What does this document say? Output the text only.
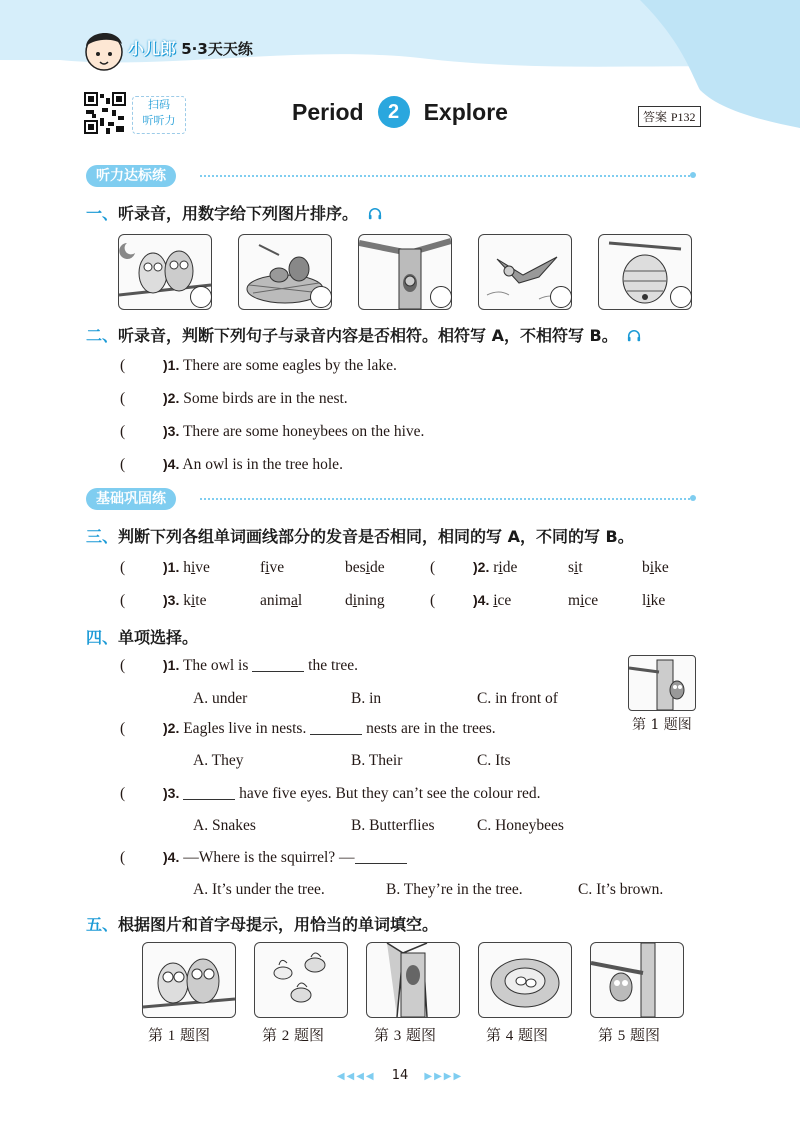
小儿郎 5·3天天练
扫码
听听力	Period 2 Explore	答案 P132
听力达标练
一、听录音，用数字给下列图片排序。
二、听录音，判断下列句子与录音内容是否相符。相符写 A，不相符写 B。
(	)1. There are some eagles by the lake.
(	)2. Some birds are in the nest.
(	)3. There are some honeybees on the hive.
(	)4. An owl is in the tree hole.
基础巩固练
三、判断下列各组单词画线部分的发音是否相同，相同的写 A，不同的写 B。
(	)1. hive	five	beside	(	)2. ride	sit	bike
(	)3. kite	animal	dining	(	)4. ice	mice	like
四、单项选择。
(	)1. The owl is	the tree.
A. under	B. in	C. in front of
第 1 题图
(	)2. Eagles live in nests.	nests are in the trees.
A. They	B. Their	C. Its
(	)3.	have five eyes. But they can’t see the colour red.
A. Snakes	B. Butterflies	C. Honeybees
(	)4. —Where is the squirrel? —
A. It’s under the tree.	B. They’re in the tree.	C. It’s brown.
五、根据图片和首字母提示，用恰当的单词填空。
第 1 题图	第 2 题图	第 3 题图	第 4 题图	第 5 题图
◀◀◀◀ 14 ▶▶▶▶
